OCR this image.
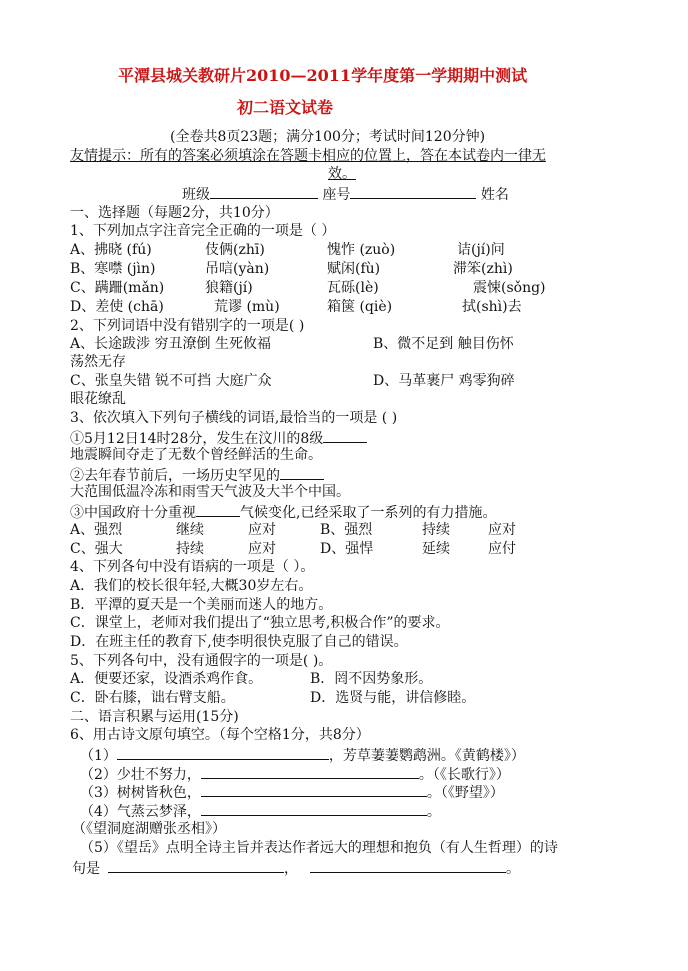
平潭县城关教研片2010—2011学年度第一学期期中测试
初二语文试卷
(全卷共8页23题；满分100分；考试时间120分钟)
友情提示：所有的答案必须填涂在答题卡相应的位置上，答在本试卷内一律无
效。
班级	座号	姓名
一、选择题（每题2分，共10分）
1、下列加点字注音完全正确的一项是（ ）
A、拂晓 (fú)	伎俩(zhī)	愧怍 (zuò)	诘(jí)问
B、寒噤 (jìn)	吊唁(yàn)	赋闲(fù)	滞笨(zhì)
C、蹒跚(mǎn)	狼籍(jí)	瓦砾(lè)	震悚(sǒng)
D、差使 (chā)	荒谬 (mù)	箱箧 (qiè)	拭(shì)去
2、下列词语中没有错别字的一项是( )
A、长途跋涉 穷丑潦倒 生死攸福	B、微不足到 触目伤怀
荡然无存
C、张皇失错 锐不可挡 大庭广众	D、马革裹尸 鸡零狗碎
眼花缭乱
3、依次填入下列句子横线的词语,最恰当的一项是 ( )
①5月12日14时28分，发生在汶川的8级
地震瞬间夺走了无数个曾经鲜活的生命。
②去年春节前后，一场历史罕见的
大范围低温冷冻和雨雪天气波及大半个中国。
③中国政府十分重视	气候变化,已经采取了一系列的有力措施。
A、强烈	继续	应对	B、强烈	持续	应对
C、强大	持续	应对	D、强悍	延续	应付
4、下列各句中没有语病的一项是（ ）。
A．我们的校长很年轻,大概30岁左右。
B．平潭的夏天是一个美丽而迷人的地方。
C．课堂上，老师对我们提出了“独立思考,积极合作”的要求。
D．在班主任的教育下,使李明很快克服了自己的错误。
5、下列各句中，没有通假字的一项是( )。
A．便要还家，设酒杀鸡作食。	B．罔不因势象形。
C．卧右膝，诎右臂支船。	D．选贤与能，讲信修睦。
二、语言积累与运用(15分)
6、用古诗文原句填空。（每个空格1分，共8分）
（1）	，芳草萋萋鹦鹉洲。《黄鹤楼》）
（2）少壮不努力，	。（《长歌行》）
（3）树树皆秋色，	。（《野望》）
（4）气蒸云梦泽，	。
（《望洞庭湖赠张丞相》）
（5）《望岳》点明全诗主旨并表达作者远大的理想和抱负（有人生哲理）的诗
句是	，	。
